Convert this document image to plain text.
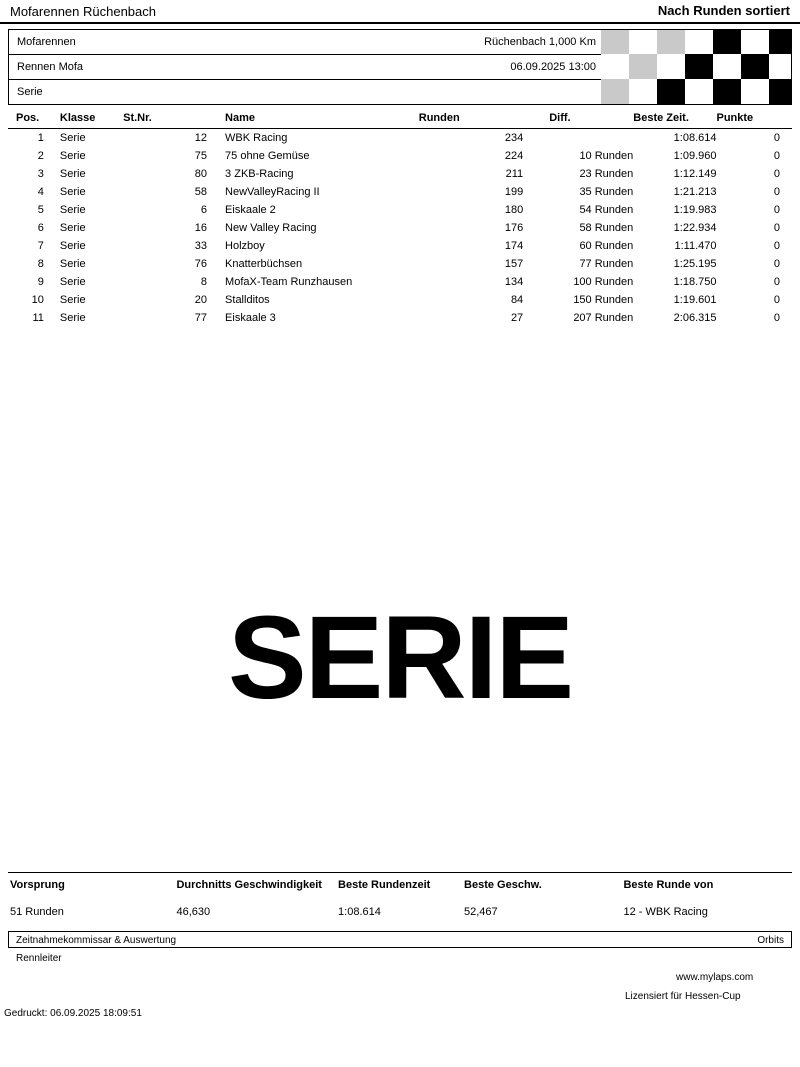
Mofarennen Rüchenbach	Nach Runden sortiert
Mofarennen	Rüchenbach 1,000 Km
Rennen Mofa	06.09.2025 13:00
Serie
Pos.	Klasse	St.Nr.	Name	Runden	Diff.	Beste Zeit.	Punkte
1	Serie	12	WBK Racing	234		1:08.614	0
2	Serie	75	75 ohne Gemüse	224	10 Runden	1:09.960	0
3	Serie	80	3 ZKB-Racing	211	23 Runden	1:12.149	0
4	Serie	58	NewValleyRacing II	199	35 Runden	1:21.213	0
5	Serie	6	Eiskaale 2	180	54 Runden	1:19.983	0
6	Serie	16	New Valley Racing	176	58 Runden	1:22.934	0
7	Serie	33	Holzboy	174	60 Runden	1:11.470	0
8	Serie	76	Knatterbüchsen	157	77 Runden	1:25.195	0
9	Serie	8	MofaX-Team Runzhausen	134	100 Runden	1:18.750	0
10	Serie	20	Stallditos	84	150 Runden	1:19.601	0
11	Serie	77	Eiskaale 3	27	207 Runden	2:06.315	0
SERIE
Vorsprung	Durchnitts Geschwindigkeit	Beste Rundenzeit	Beste Geschw.	Beste Runde von
51 Runden	46,630	1:08.614	52,467	12 - WBK Racing
Zeitnahmekommissar & Auswertung	Orbits
Rennleiter
www.mylaps.com
Lizensiert für Hessen-Cup
Gedruckt: 06.09.2025 18:09:51
